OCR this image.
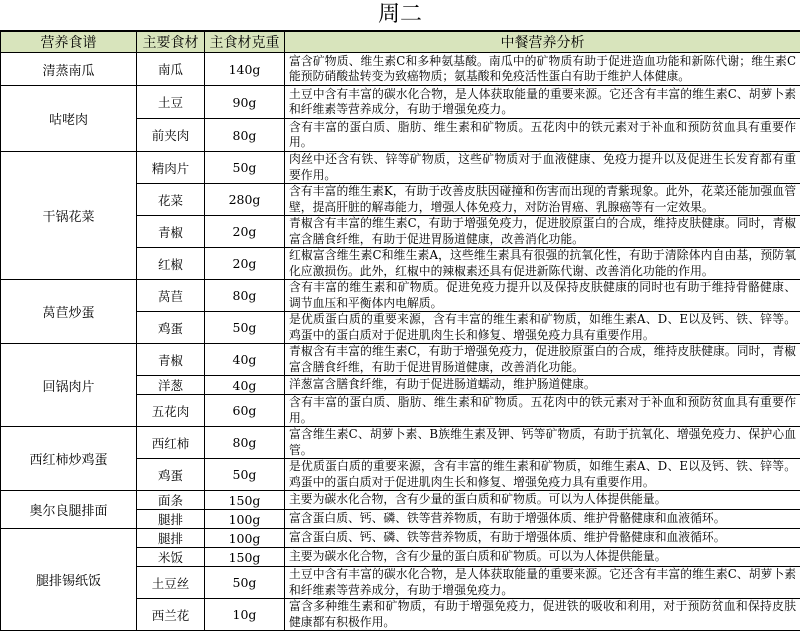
周二
营养食谱	主要食材	主食材克重	中餐营养分析
清蒸南瓜	南瓜	140g	富含矿物质、维生素C和多种氨基酸。南瓜中的矿物质有助于促进造血功能和新陈代谢；维生素C能预防硝酸盐转变为致癌物质；氨基酸和免疫活性蛋白有助于维护人体健康。
咕咾肉	土豆	90g	土豆中含有丰富的碳水化合物，是人体获取能量的重要来源。它还含有丰富的维生素C、胡萝卜素和纤维素等营养成分，有助于增强免疫力。
	前夹肉	80g	含有丰富的蛋白质、脂肪、维生素和矿物质。五花肉中的铁元素对于补血和预防贫血具有重要作用。
干锅花菜	精肉片	50g	肉丝中还含有铁、锌等矿物质，这些矿物质对于血液健康、免疫力提升以及促进生长发育都有重要作用。
	花菜	280g	含有丰富的维生素K，有助于改善皮肤因碰撞和伤害而出现的青紫现象。此外，花菜还能加强血管壁，提高肝脏的解毒能力，增强人体免疫力，对防治胃癌、乳腺癌等有一定效果。
	青椒	20g	青椒含有丰富的维生素C，有助于增强免疫力，促进胶原蛋白的合成，维持皮肤健康。同时，青椒富含膳食纤维，有助于促进胃肠道健康，改善消化功能。
	红椒	20g	红椒富含维生素C和维生素A，这些维生素具有很强的抗氧化性，有助于清除体内自由基，预防氧化应激损伤。此外，红椒中的辣椒素还具有促进新陈代谢、改善消化功能的作用。
莴苣炒蛋	莴苣	80g	含有丰富的维生素和矿物质。促进免疫力提升以及保持皮肤健康的同时也有助于维持骨骼健康、调节血压和平衡体内电解质。
	鸡蛋	50g	是优质蛋白质的重要来源，含有丰富的维生素和矿物质，如维生素A、D、E以及钙、铁、锌等。鸡蛋中的蛋白质对于促进肌肉生长和修复、增强免疫力具有重要作用。
回锅肉片	青椒	40g	青椒含有丰富的维生素C，有助于增强免疫力，促进胶原蛋白的合成，维持皮肤健康。同时，青椒富含膳食纤维，有助于促进胃肠道健康，改善消化功能。
	洋葱	40g	洋葱富含膳食纤维，有助于促进肠道蠕动，维护肠道健康。
	五花肉	60g	含有丰富的蛋白质、脂肪、维生素和矿物质。五花肉中的铁元素对于补血和预防贫血具有重要作用。
西红柿炒鸡蛋	西红柿	80g	富含维生素C、胡萝卜素、B族维生素及钾、钙等矿物质，有助于抗氧化、增强免疫力、保护心血管。
	鸡蛋	50g	是优质蛋白质的重要来源，含有丰富的维生素和矿物质，如维生素A、D、E以及钙、铁、锌等。鸡蛋中的蛋白质对于促进肌肉生长和修复、增强免疫力具有重要作用。
奥尔良腿排面	面条	150g	主要为碳水化合物，含有少量的蛋白质和矿物质。可以为人体提供能量。
	腿排	100g	富含蛋白质、钙、磷、铁等营养物质，有助于增强体质、维护骨骼健康和血液循环。
腿排锡纸饭	腿排	100g	富含蛋白质、钙、磷、铁等营养物质，有助于增强体质、维护骨骼健康和血液循环。
	米饭	150g	主要为碳水化合物，含有少量的蛋白质和矿物质。可以为人体提供能量。
	土豆丝	50g	土豆中含有丰富的碳水化合物，是人体获取能量的重要来源。它还含有丰富的维生素C、胡萝卜素和纤维素等营养成分，有助于增强免疫力。
	西兰花	10g	富含多种维生素和矿物质，有助于增强免疫力，促进铁的吸收和利用，对于预防贫血和保持皮肤健康都有积极作用。
